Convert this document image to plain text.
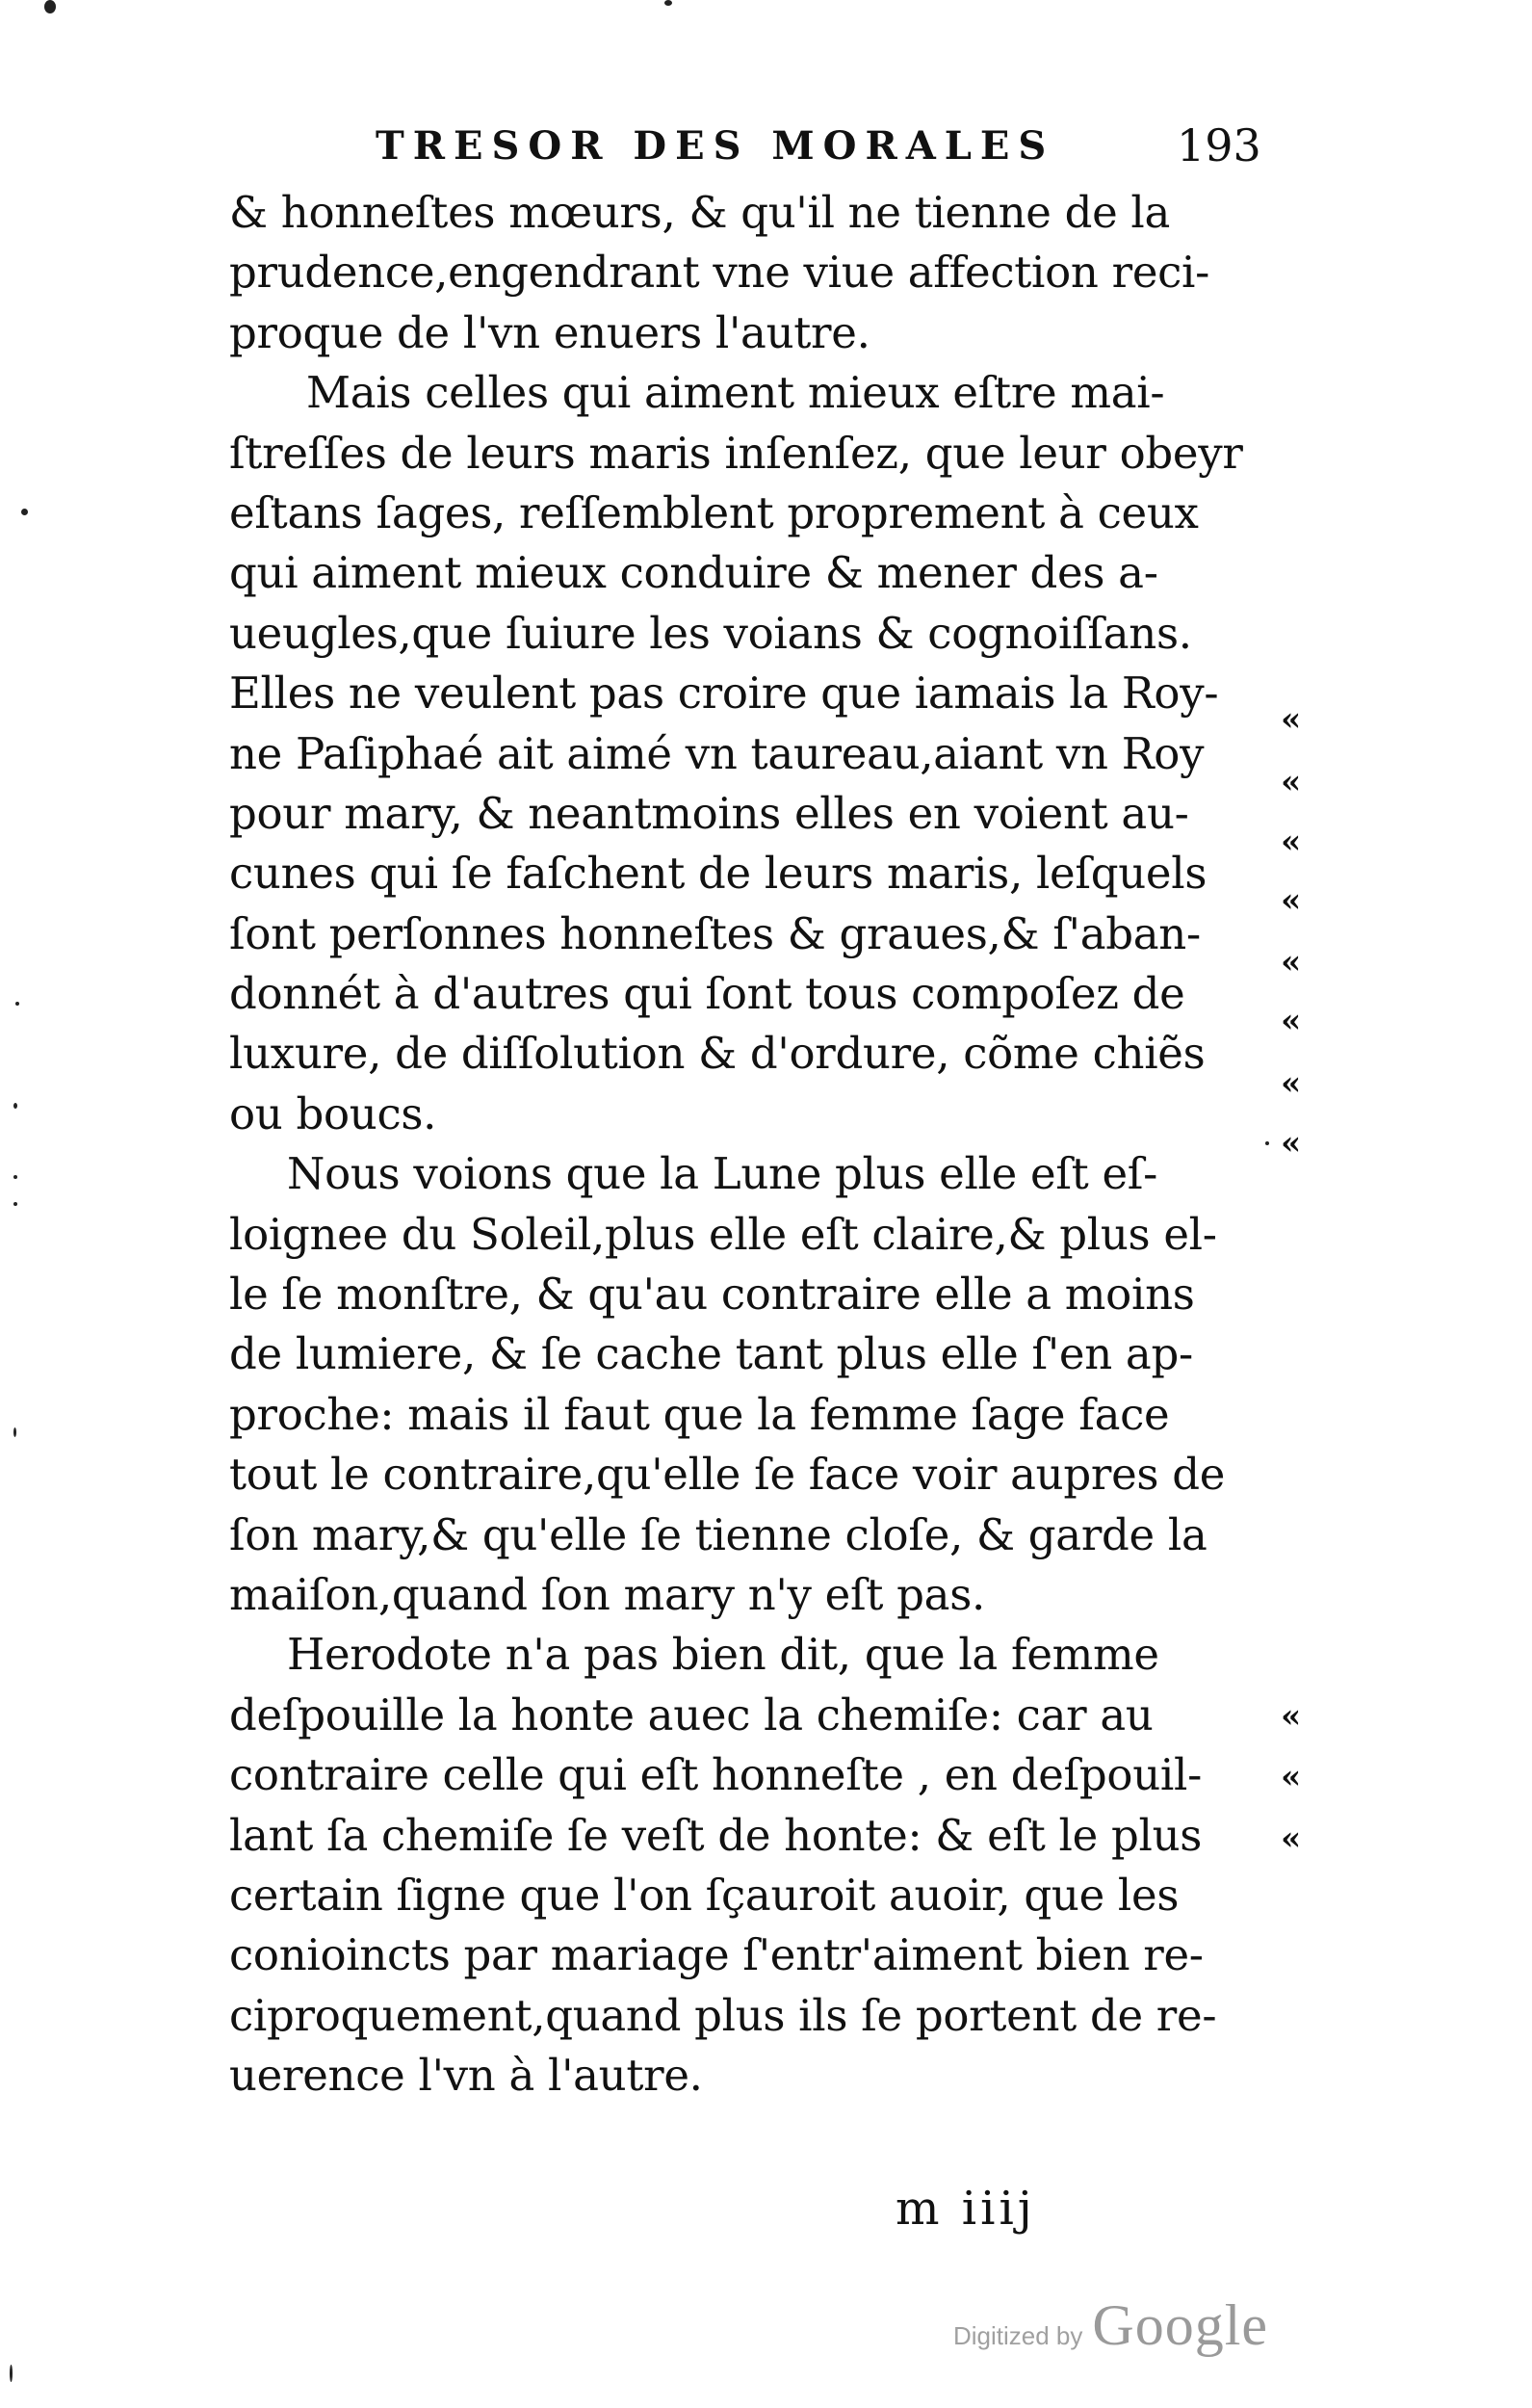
TRESOR DES MORALES	193
& honneſtes mœurs, & qu'il ne tienne de la
prudence,engendrant vne viue affection reci-
proque de l'vn enuers l'autre.
Mais celles qui aiment mieux eſtre mai-
ſtreſſes de leurs maris inſenſez, que leur obeyr
eſtans ſages, reſſemblent proprement à ceux
qui aiment mieux conduire & mener des a-
ueugles,que ſuiure les voians & cognoiſſans.
Elles ne veulent pas croire que iamais la Roy-
ne Paſiphaé ait aimé vn taureau,aiant vn Roy
pour mary, & neantmoins elles en voient au-
cunes qui ſe faſchent de leurs maris, leſquels
ſont perſonnes honneſtes & graues,& ſ'aban-
donnét à d'autres qui ſont tous compoſez de
luxure, de diſſolution & d'ordure, cõme chiẽs
ou boucs.
Nous voions que la Lune plus elle eſt eſ-
loignee du Soleil,plus elle eſt claire,& plus el-
le ſe monſtre, & qu'au contraire elle a moins
de lumiere, & ſe cache tant plus elle ſ'en ap-
proche: mais il faut que la femme ſage face
tout le contraire,qu'elle ſe face voir aupres de
ſon mary,& qu'elle ſe tienne cloſe, & garde la
maiſon,quand ſon mary n'y eſt pas.
Herodote n'a pas bien dit, que la femme
deſpouille la honte auec la chemiſe: car au
contraire celle qui eſt honneſte , en deſpouil-
lant ſa chemiſe ſe veſt de honte: & eſt le plus
certain ſigne que l'on ſçauroit auoir, que les
conioincts par mariage ſ'entr'aiment bien re-
ciproquement,quand plus ils ſe portent de re-
uerence l'vn à l'autre.
«
«
«
«
«
«
«
«
«
«
«
m iiij
Digitized by Google
